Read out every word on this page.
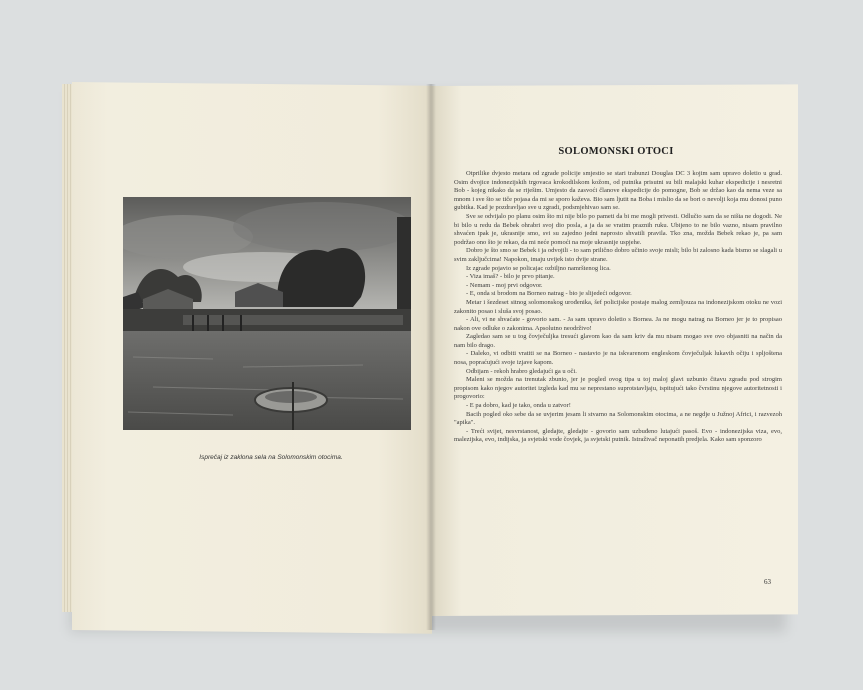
Isprečaj iz zaklona sela na Solomonskim otocima.
SOLOMONSKI OTOCI

Otprilike dvjesto metara od zgrade policije smjestio se stari trabunzi Douglas DC 3 kojim sam upravo doletio u grad. Osim dvojice indonezijskih trgovaca krokodilskom kožom, od putnika prisutni su bili malajski kuhar ekspedicije i nesretni Bob - kojeg nikako da se riješim. Umjesto da zasvoći članove ekspedicije do pomogne, Bob se držao kao da nema veze sa mnom i sve što se tiče pojasa da mi se sporo kaževa. Bio sam ljutit na Boba i mislio da se bori o nevolji koja mu donosi puno gubitka. Kad je pozdravljao sve u zgradi, podsmjehivao sam se.

Sve se odvijalo po planu osim što mi nije bilo po pameti da bi me mogli privesti. Odlučio sam da se ništa ne dogodi. Ne bi bilo u redu da Bebek ohrabri svoj dio posla, a ja da se vratim praznih ruku. Ubijeno to ne bilo vazno, nisam pravilno shvaćen ipak je, ukrasnije smo, svi su zajedno jedni naprosto shvatili pravila. Tko zna, možda Bebek rekao je, pa sam podržao ono što je rekao, da mi neće pomoći na moje ukrasnije uspjehe.

Dobro je što smo se Bebek i ja odvojili - to sam prilično dobro učinio svoje misli; bilo bi zalosno kada bismo se slagali u svim zaključcima! Napokon, imaju uvijek isto dvije strane.

Iz zgrade pojavio se policajac ozbiljno namrštenog lica.

- Viza imaš? - bilo je prvo pitanje.

- Nemam - moj prvi odgovor.

- E, onda si brodom na Borneo natrag - bio je slijedeći odgovor.

Metar i šezdeset sitnog solomonskog urođenika, šef policijske postaje malog zemljouza na indonezijskom otoku ne vozi zakonito posao i sluša svoj posao.

- Ali, vi ne shvaćate - govorio sam. - Ja sam upravo doletio s Bornea. Ja ne mogu natrag na Borneo jer je to propisao nakon ove odluke o zakonima. Apsolutno neodrživo!

Zagledao sam se u tog čovječuljka tresući glavom kao da sam kriv da mu nisam mogao sve ovo objasniti na način da nam bilo drago.

- Daleko, vi odbiti vratiti se na Borneo - nastavio je na iskvarenom engleskom čovječuljak lukavih očiju i spljoštena nosa, popraćujući svoje izjave kapom.

Odbijam - rekoh hrabro gledajući ga u oči.

Maleni se možda na trenutak zbunio, jer je pogled ovog tipa u toj maloj glavi uzbunio čitavu zgradu pod strogim propisom kako njegov autoritet izgleda kad mu se neprestano suprotstavljaju, ispitujući tako čvrstinu njegove autoritetnosti i progovorio:

- E pa dobro, kad je tako, onda u zatvor!

Bacih pogled oko sebe da se uvjerim jesam li stvarno na Solomonskim otocima, a ne negdje u Južnoj Africi, i razvezoh "apika".

- Treći svijet, nesvrstanost, gledajte, gledajte - govorio sam uzbuđeno lutajući pasoš. Evo - indonezijska viza, evo, malezijska, evo, indijska, ja svjetski vode čovjek, ja svjetski putnik. Istraživač neponatih predjela. Kako sam sponzoro

63
